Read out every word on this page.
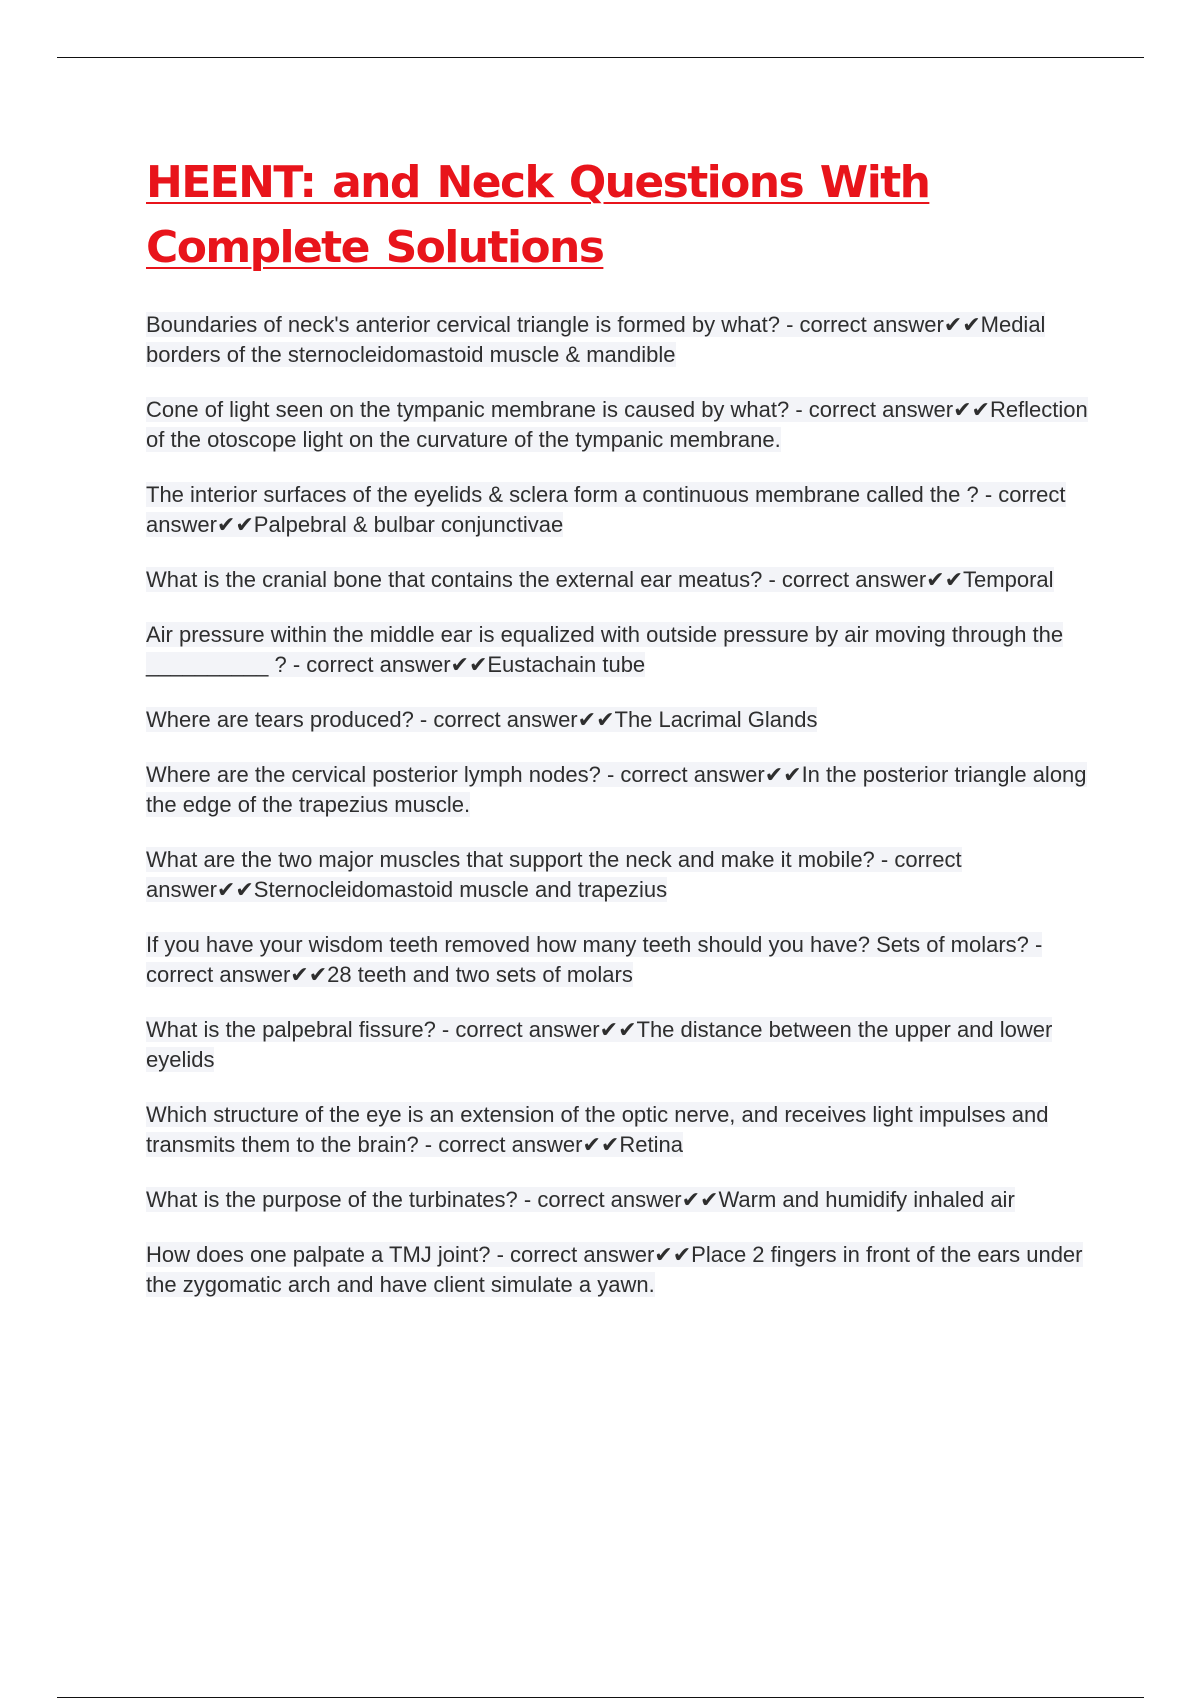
HEENT: and Neck Questions With Complete Solutions
Boundaries of neck's anterior cervical triangle is formed by what? - correct answer✔✔Medial borders of the sternocleidomastoid muscle & mandible
Cone of light seen on the tympanic membrane is caused by what? - correct answer✔✔Reflection of the otoscope light on the curvature of the tympanic membrane.
The interior surfaces of the eyelids & sclera form a continuous membrane called the ? - correct answer✔✔Palpebral & bulbar conjunctivae
What is the cranial bone that contains the external ear meatus? - correct answer✔✔Temporal
Air pressure within the middle ear is equalized with outside pressure by air moving through the __________ ? - correct answer✔✔Eustachain tube
Where are tears produced? - correct answer✔✔The Lacrimal Glands
Where are the cervical posterior lymph nodes? - correct answer✔✔In the posterior triangle along the edge of the trapezius muscle.
What are the two major muscles that support the neck and make it mobile? - correct answer✔✔Sternocleidomastoid muscle and trapezius
If you have your wisdom teeth removed how many teeth should you have? Sets of molars? - correct answer✔✔28 teeth and two sets of molars
What is the palpebral fissure? - correct answer✔✔The distance between the upper and lower eyelids
Which structure of the eye is an extension of the optic nerve, and receives light impulses and transmits them to the brain? - correct answer✔✔Retina
What is the purpose of the turbinates? - correct answer✔✔Warm and humidify inhaled air
How does one palpate a TMJ joint? - correct answer✔✔Place 2 fingers in front of the ears under the zygomatic arch and have client simulate a yawn.
